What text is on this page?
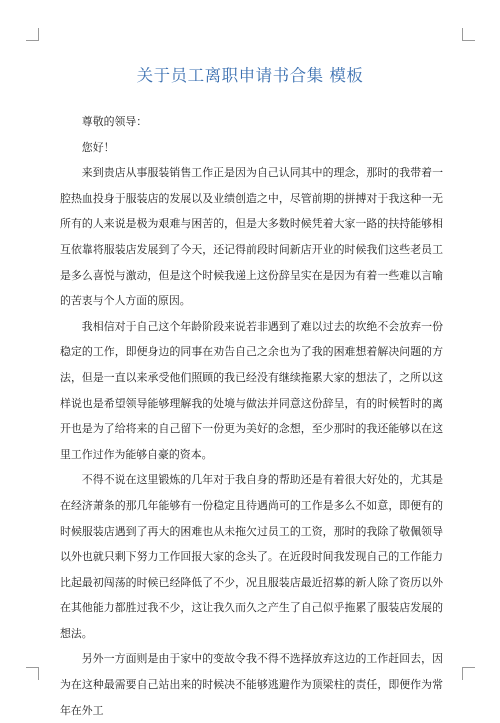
关于员工离职申请书合集 模板

尊敬的领导：

您好！

来到贵店从事服装销售工作正是因为自己认同其中的理念，那时的我带着一腔热血投身于服装店的发展以及业绩创造之中，尽管前期的拼搏对于我这种一无所有的人来说是极为艰难与困苦的，但是大多数时候凭着大家一路的扶持能够相互依靠将服装店发展到了今天，还记得前段时间新店开业的时候我们这些老员工是多么喜悦与激动，但是这个时候我递上这份辞呈实在是因为有着一些难以言喻的苦衷与个人方面的原因。

我相信对于自己这个年龄阶段来说若非遇到了难以过去的坎绝不会放弃一份稳定的工作，即便身边的同事在劝告自己之余也为了我的困难想着解决问题的方法，但是一直以来承受他们照顾的我已经没有继续拖累大家的想法了，之所以这样说也是希望领导能够理解我的处境与做法并同意这份辞呈，有的时候暂时的离开也是为了给将来的自己留下一份更为美好的念想，至少那时的我还能够以在这里工作过作为能够自豪的资本。

不得不说在这里锻炼的几年对于我自身的帮助还是有着很大好处的，尤其是在经济萧条的那几年能够有一份稳定且待遇尚可的工作是多么不如意，即便有的时候服装店遇到了再大的困难也从未拖欠过员工的工资，那时的我除了敬佩领导以外也就只剩下努力工作回报大家的念头了。在近段时间我发现自己的工作能力比起最初闯荡的时候已经降低了不少，况且服装店最近招募的新人除了资历以外在其他能力都胜过我不少，这让我久而久之产生了自己似乎拖累了服装店发展的想法。

另外一方面则是由于家中的变故令我不得不选择放弃这边的工作赶回去，因为在这种最需要自己站出来的时候决不能够逃避作为顶梁柱的责任，即便作为常年在外工
